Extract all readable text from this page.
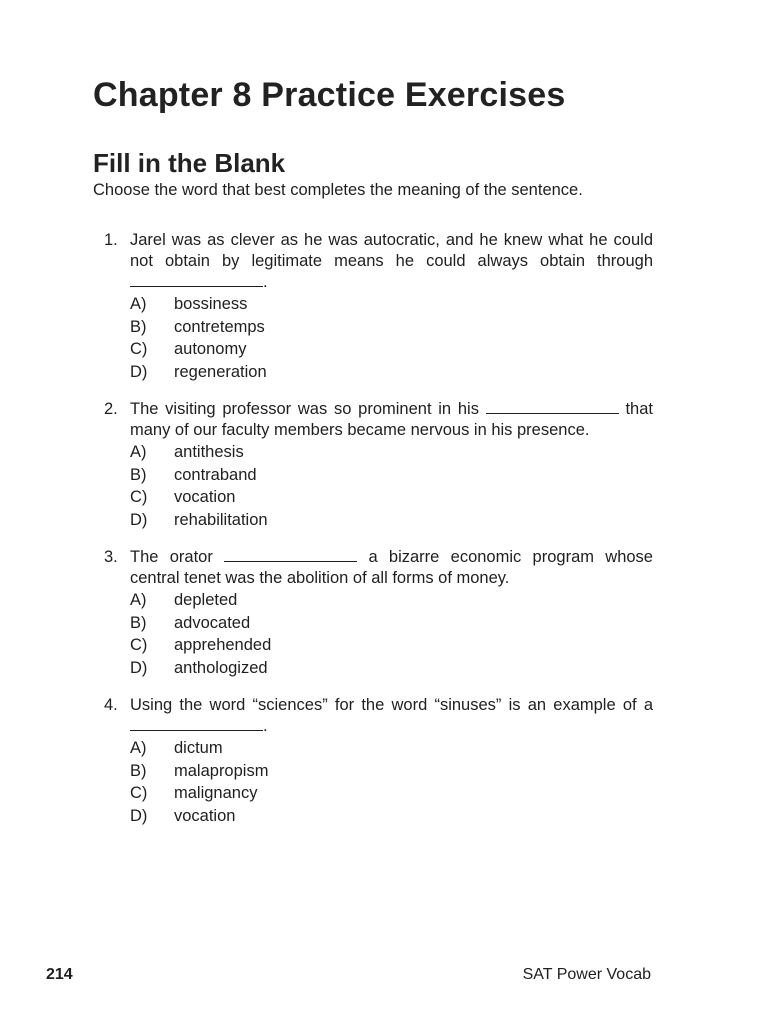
Chapter 8 Practice Exercises
Fill in the Blank

Choose the word that best completes the meaning of the sentence.

1. Jarel was as clever as he was autocratic, and he knew what he could not obtain by legitimate means he could always obtain through .
A)	bossiness
B)	contretemps
C)	autonomy
D)	regeneration
2. The visiting professor was so prominent in his	that many of our faculty members became nervous in his presence.
A)	antithesis
B)	contraband
C)	vocation
D)	rehabilitation
3. The orator	a bizarre economic program whose central tenet was the abolition of all forms of money.
A)	depleted
B)	advocated
C)	apprehended
D)	anthologized
4. Using the word “sciences” for the word “sinuses” is an example of a .
A)	dictum
B)	malapropism
C)	malignancy
D)	vocation
214	SAT Power Vocab
